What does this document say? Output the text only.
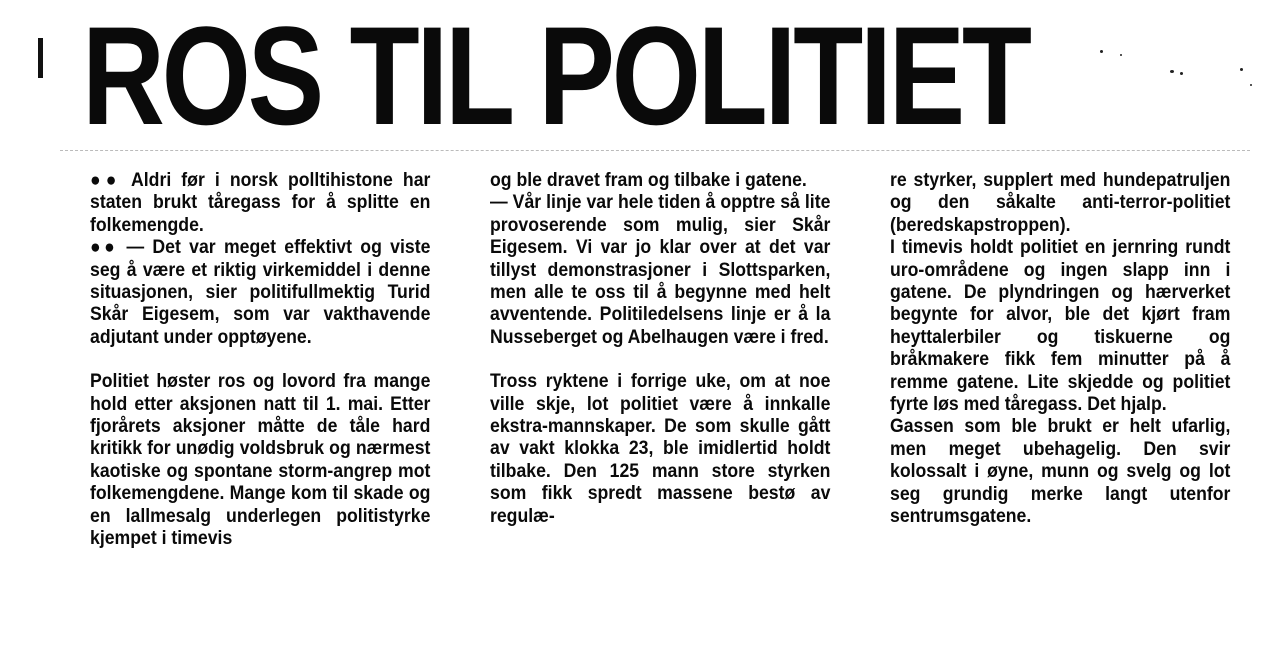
ROS TIL POLITIET

●● Aldri før i norsk polltihistone har staten brukt tåregass for å splitte en folkemengde.

●● — Det var meget effektivt og viste seg å være et riktig virkemiddel i denne situasjonen, sier politifullmektig Turid Skår Eigesem, som var vakthavende adjutant under opptøyene.

Politiet høster ros og lovord fra mange hold etter aksjonen natt til 1. mai. Etter fjorårets aksjoner måtte de tåle hard kritikk for unødig voldsbruk og nærmest kaotiske og spontane storm-angrep mot folkemengdene. Mange kom til skade og en lallmesalg underlegen politistyrke kjempet i timevis

og ble dravet fram og tilbake i gatene.

— Vår linje var hele tiden å opptre så lite provoserende som mulig, sier Skår Eigesem. Vi var jo klar over at det var tillyst demonstrasjoner i Slottsparken, men alle te oss til å begynne med helt avventende. Politiledelsens linje er å la Nusseberget og Abelhaugen være i fred.

Tross ryktene i forrige uke, om at noe ville skje, lot politiet være å innkalle ekstra-mannskaper. De som skulle gått av vakt klokka 23, ble imidlertid holdt tilbake. Den 125 mann store styrken som fikk spredt massene bestø av regulæ-

re styrker, supplert med hundepatruljen og den såkalte anti-terror-politiet (beredskapstroppen).

I timevis holdt politiet en jernring rundt uro-områdene og ingen slapp inn i gatene. De plyndringen og hærverket begynte for alvor, ble det kjørt fram heyttalerbiler og tiskuerne og bråkmakere fikk fem minutter på å remme gatene. Lite skjedde og politiet fyrte løs med tåregass. Det hjalp.

Gassen som ble brukt er helt ufarlig, men meget ubehagelig. Den svir kolossalt i øyne, munn og svelg og lot seg grundig merke langt utenfor sentrumsgatene.
